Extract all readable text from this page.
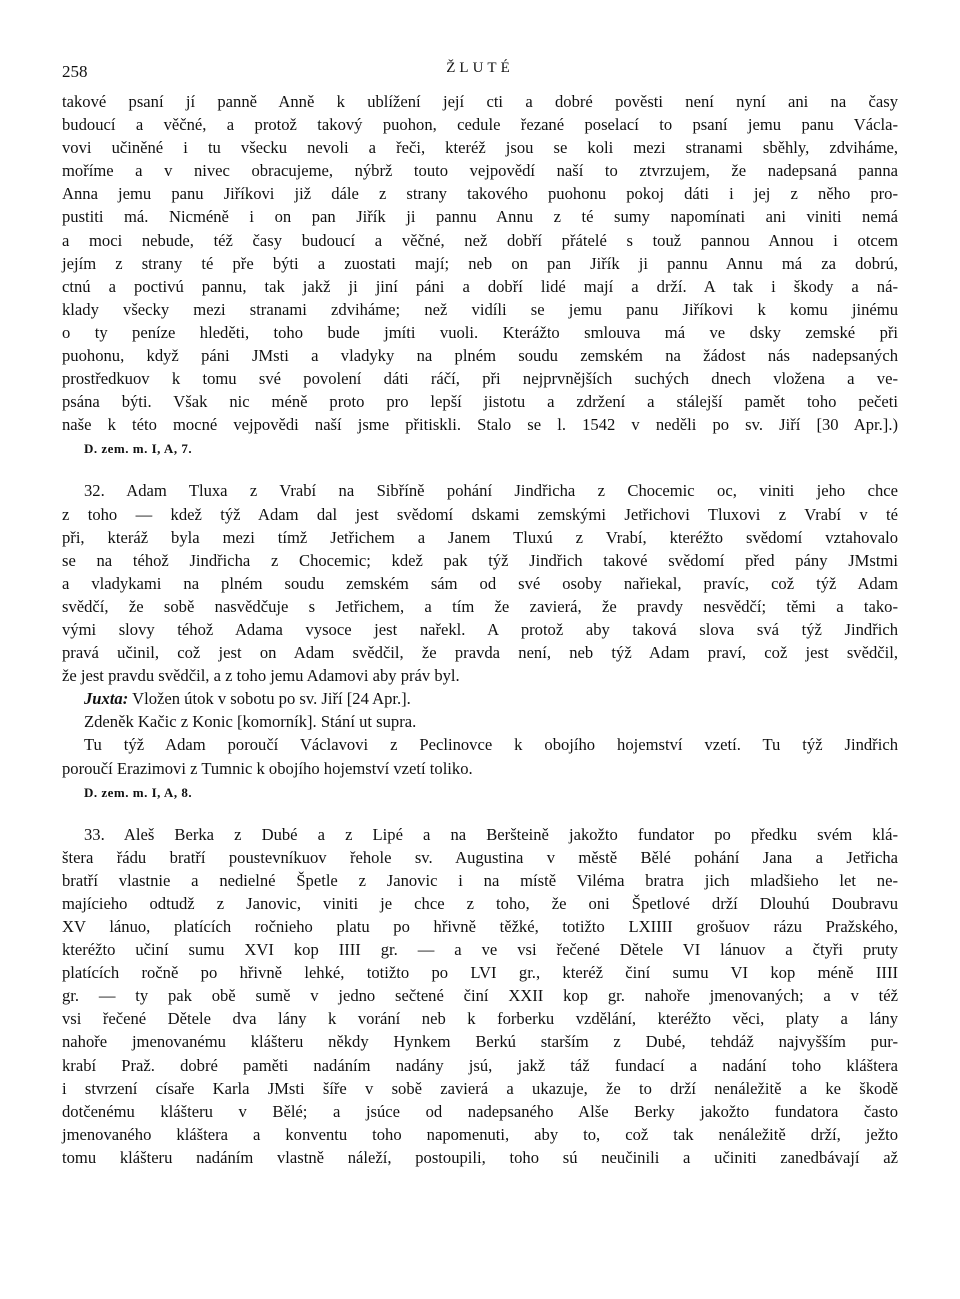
258	ŽLUTÉ
takové psaní jí panně Anně k ublížení její cti a dobré pověsti není nyní ani na časy
budoucí a věčné, a protož takový puohon, cedule řezané poselací to psaní jemu panu Václa-
vovi učiněné i tu všecku nevoli a řeči, kteréž jsou se koli mezi stranami sběhly, zdviháme,
moříme a v nivec obracujeme, nýbrž touto vejpovědí naší to ztvrzujem, že nadepsaná panna
Anna jemu panu Jiříkovi již dále z strany takového puohonu pokoj dáti i jej z něho pro-
pustiti má. Nicméně i on pan Jiřík ji pannu Annu z té sumy napomínati ani viniti nemá
a moci nebude, též časy budoucí a věčné, než dobří přátelé s touž pannou Annou i otcem
jejím z strany té pře býti a zuostati mají; neb on pan Jiřík ji pannu Annu má za dobrú,
ctnú a poctivú pannu, tak jakž ji jiní páni a dobří lidé mají a drží. A tak i škody a ná-
klady všecky mezi stranami zdviháme; než vidíli se jemu panu Jiříkovi k komu jinému
o ty peníze hleděti, toho bude jmíti vuoli. Kterážto smlouva má ve dsky zemské při
puohonu, když páni JMsti a vladyky na plném soudu zemském na žádost nás nadepsaných
prostředkuov k tomu své povolení dáti ráčí, při nejprvnějších suchých dnech vložena a ve-
psána býti. Však nic méně proto pro lepší jistotu a zdržení a stálejší pamět toho pečeti
naše k této mocné vejpovědi naší jsme přitiskli. Stalo se l. 1542 v neděli po sv. Jiří [30 Apr.].)
D. zem. m. I, A, 7.
32. Adam Tluxa z Vrabí na Sibříně pohání Jindřicha z Chocemic oc, viniti jeho chce
z toho — kdež týž Adam dal jest svědomí dskami zemskými Jetřichovi Tluxovi z Vrabí v té
při, kteráž byla mezi tímž Jetřichem a Janem Tluxú z Vrabí, kteréžto svědomí vztahovalo
se na téhož Jindřicha z Chocemic; kdež pak týž Jindřich takové svědomí před pány JMstmi
a vladykami na plném soudu zemském sám od své osoby nařiekal, pravíc, což týž Adam
svědčí, že sobě nasvědčuje s Jetřichem, a tím že zavierá, že pravdy nesvědčí; těmi a tako-
vými slovy téhož Adama vysoce jest nařekl. A protož aby taková slova svá týž Jindřich
pravá učinil, což jest on Adam svědčil, že pravda není, neb týž Adam praví, což jest svědčil,
že jest pravdu svědčil, a z toho jemu Adamovi aby práv byl.
Juxta: Vložen útok v sobotu po sv. Jiří [24 Apr.].
Zdeněk Kačic z Konic [komorník]. Stání ut supra.
Tu týž Adam poroučí Václavovi z Peclinovce k obojího hojemství vzetí. Tu týž Jindřich
poroučí Erazimovi z Tumnic k obojího hojemství vzetí toliko.
D. zem. m. I, A, 8.
33. Aleš Berka z Dubé a z Lipé a na Beršteině jakožto fundator po předku svém klá-
štera řádu bratří poustevníkuov řehole sv. Augustina v městě Bělé pohání Jana a Jetřicha
bratří vlastnie a nedielné Špetle z Janovic i na místě Viléma bratra jich mladšieho let ne-
majícieho odtudž z Janovic, viniti je chce z toho, že oni Špetlové drží Dlouhú Doubravu
XV lánuo, platících ročnieho platu po hřivně těžké, totižto LXIIII grošuov rázu Pražského,
kteréžto učiní sumu XVI kop IIII gr. — a ve vsi řečené Dětele VI lánuov a čtyři pruty
platících ročně po hřivně lehké, totižto po LVI gr., kteréž činí sumu VI kop méně IIII
gr. — ty pak obě sumě v jedno sečtené činí XXII kop gr. nahoře jmenovaných; a v též
vsi řečené Dětele dva lány k vorání neb k forberku vzdělání, kteréžto věci, platy a lány
nahoře jmenovanému klášteru někdy Hynkem Berkú starším z Dubé, tehdáž najvyšším pur-
krabí Praž. dobré paměti nadáním nadány jsú, jakž táž fundací a nadání toho kláštera
i stvrzení císaře Karla JMsti šíře v sobě zavierá a ukazuje, že to drží nenáležitě a ke škodě
dotčenému klášteru v Bělé; a jsúce od nadepsaného Alše Berky jakožto fundatora často
jmenovaného kláštera a konventu toho napomenuti, aby to, což tak nenáležitě drží, ježto
tomu klášteru nadáním vlastně náleží, postoupili, toho sú neučinili a učiniti zanedbávají až
